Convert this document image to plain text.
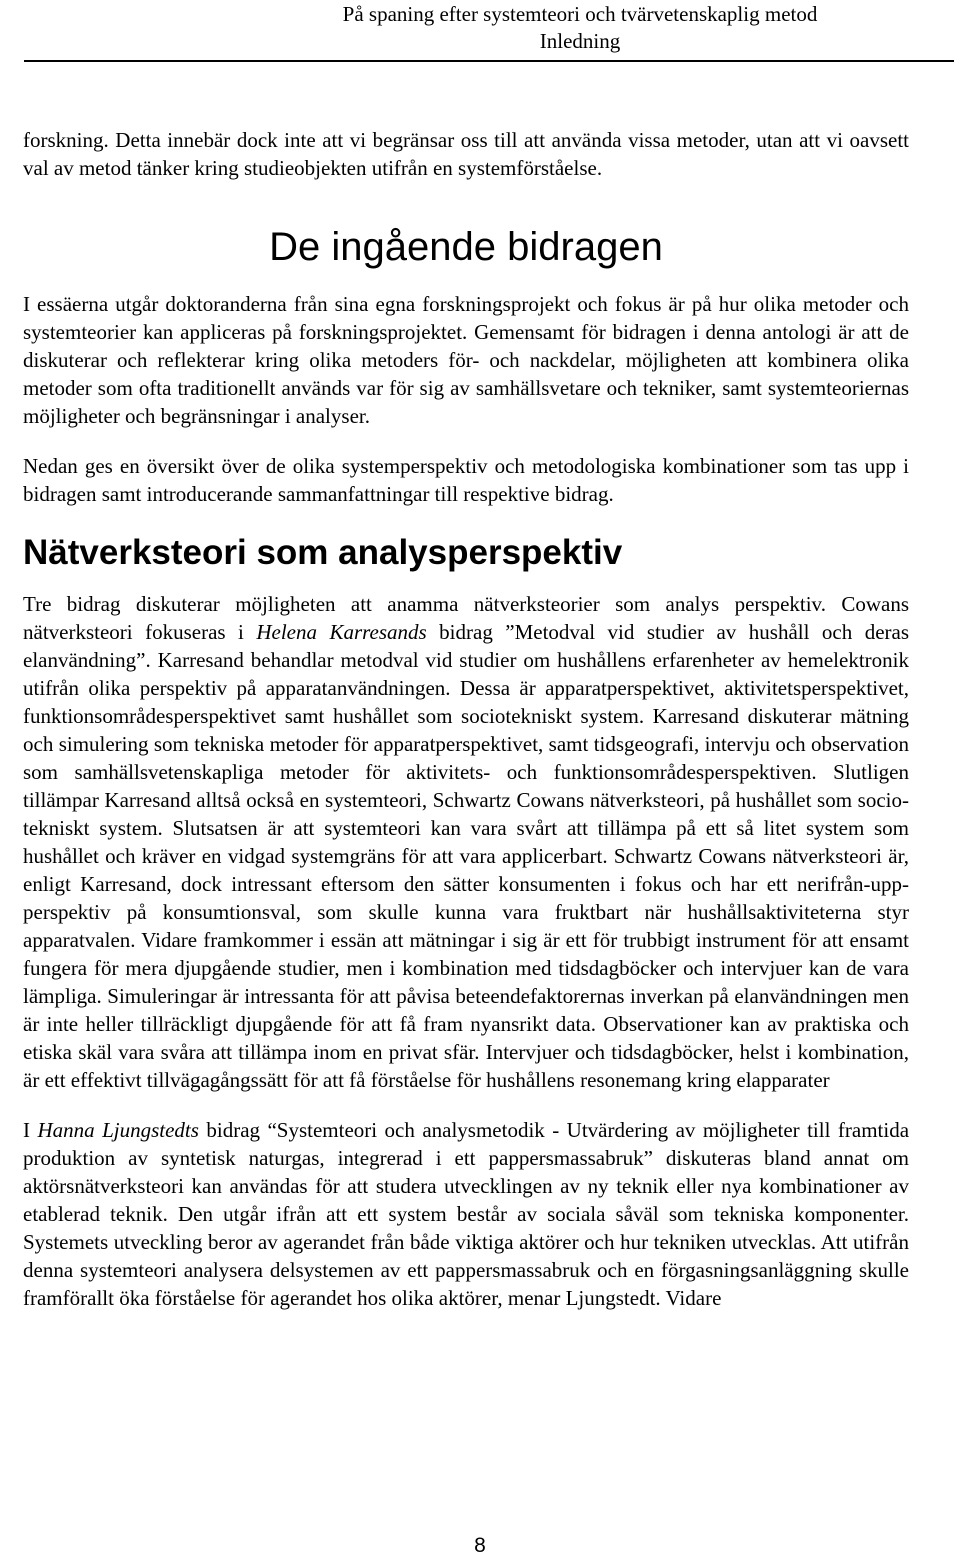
På spaning efter systemteori och tvärvetenskaplig metod
Inledning

forskning. Detta innebär dock inte att vi begränsar oss till att använda vissa metoder, utan att vi oavsett val av metod tänker kring studieobjekten utifrån en systemförståelse.

De ingående bidragen

I essäerna utgår doktoranderna från sina egna forskningsprojekt och fokus är på hur olika metoder och systemteorier kan appliceras på forskningsprojektet. Gemensamt för bidragen i denna antologi är att de diskuterar och reflekterar kring olika metoders för- och nackdelar, möjligheten att kombinera olika metoder som ofta traditionellt används var för sig av samhällsvetare och tekniker, samt systemteoriernas möjligheter och begränsningar i analyser.

Nedan ges en översikt över de olika systemperspektiv och metodologiska kombinationer som tas upp i bidragen samt introducerande sammanfattningar till respektive bidrag.

Nätverksteori som analysperspektiv

Tre bidrag diskuterar möjligheten att anamma nätverksteorier som analys perspektiv. Cowans nätverksteori fokuseras i Helena Karresands bidrag ”Metodval vid studier av hushåll och deras elanvändning”. Karresand behandlar metodval vid studier om hushållens erfarenheter av hemelektronik utifrån olika perspektiv på apparatanvändningen. Dessa är apparatperspektivet, aktivitetsperspektivet, funktionsområdesperspektivet samt hushållet som sociotekniskt system. Karresand diskuterar mätning och simulering som tekniska metoder för apparatperspektivet, samt tidsgeografi, intervju och observation som samhällsvetenskapliga metoder för aktivitets- och funktionsområdesperspektiven. Slutligen tillämpar Karresand alltså också en systemteori, Schwartz Cowans nätverksteori, på hushållet som socio-tekniskt system. Slutsatsen är att systemteori kan vara svårt att tillämpa på ett så litet system som hushållet och kräver en vidgad systemgräns för att vara applicerbart. Schwartz Cowans nätverksteori är, enligt Karresand, dock intressant eftersom den sätter konsumenten i fokus och har ett nerifrån-upp-perspektiv på konsumtionsval, som skulle kunna vara fruktbart när hushållsaktiviteterna styr apparatvalen. Vidare framkommer i essän att mätningar i sig är ett för trubbigt instrument för att ensamt fungera för mera djupgående studier, men i kombination med tidsdagböcker och intervjuer kan de vara lämpliga. Simuleringar är intressanta för att påvisa beteendefaktorernas inverkan på elanvändningen men är inte heller tillräckligt djupgående för att få fram nyansrikt data. Observationer kan av praktiska och etiska skäl vara svåra att tillämpa inom en privat sfär. Intervjuer och tidsdagböcker, helst i kombination, är ett effektivt tillvägagångssätt för att få förståelse för hushållens resonemang kring elapparater

I Hanna Ljungstedts bidrag “Systemteori och analysmetodik - Utvärdering av möjligheter till framtida produktion av syntetisk naturgas, integrerad i ett pappersmassabruk” diskuteras bland annat om aktörsnätverksteori kan användas för att studera utvecklingen av ny teknik eller nya kombinationer av etablerad teknik. Den utgår ifrån att ett system består av sociala såväl som tekniska komponenter. Systemets utveckling beror av agerandet från både viktiga aktörer och hur tekniken utvecklas. Att utifrån denna systemteori analysera delsystemen av ett pappersmassabruk och en förgasningsanläggning skulle framförallt öka förståelse för agerandet hos olika aktörer, menar Ljungstedt. Vidare

8
